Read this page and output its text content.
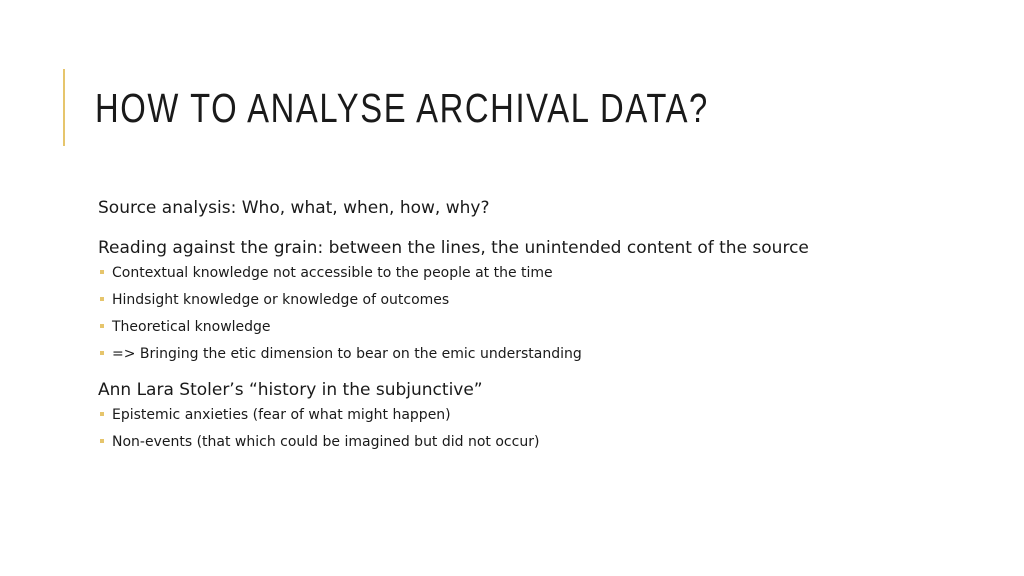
HOW TO ANALYSE ARCHIVAL DATA?

Source analysis: Who, what, when, how, why?

Reading against the grain: between the lines, the unintended content of the source

Contextual knowledge not accessible to the people at the time
Hindsight knowledge or knowledge of outcomes
Theoretical knowledge
=> Bringing the etic dimension to bear on the emic understanding

Ann Lara Stoler’s “history in the subjunctive”

Epistemic anxieties (fear of what might happen)
Non-events (that which could be imagined but did not occur)
